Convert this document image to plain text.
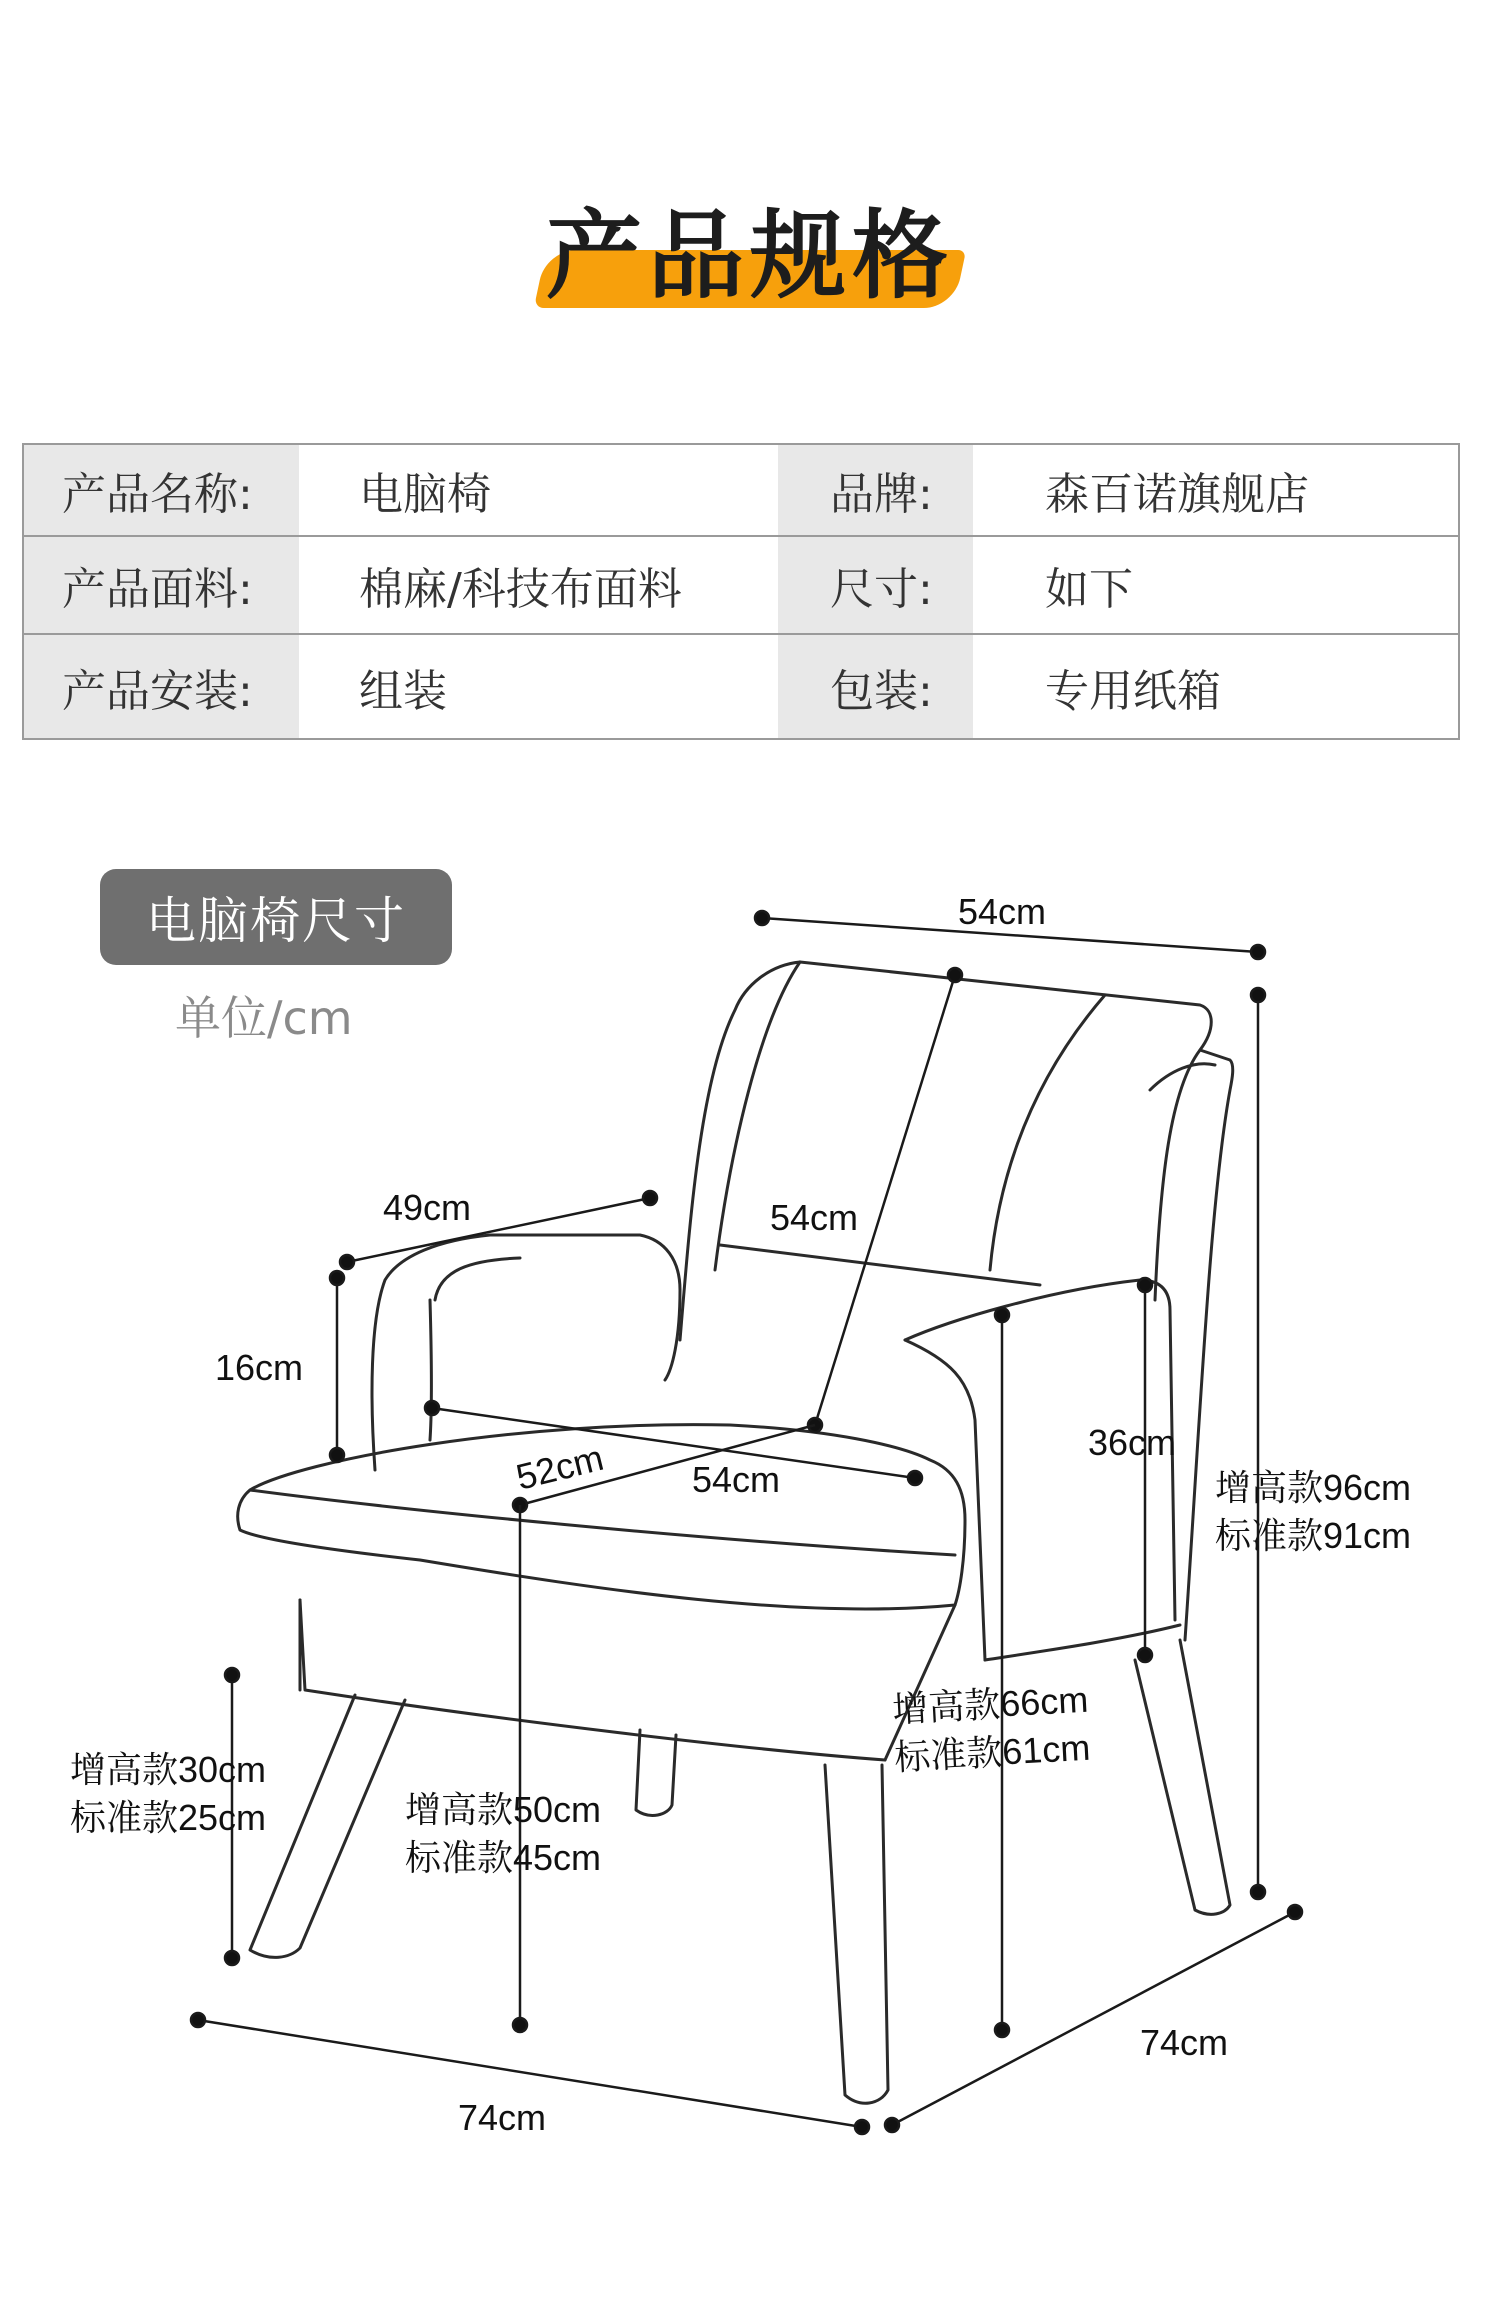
产品规格
产品名称:	电脑椅	品牌:	森百诺旗舰店
产品面料:	棉麻/科技布面料	尺寸:	如下
产品安装:	组装	包装:	专用纸箱
电脑椅尺寸
单位/cm
54cm
49cm	54cm
16cm
52cm 54cm
36cm
增高款96cm
标准款91cm
增高款30cm
标准款25cm	增高款50cm
标准款45cm
增高款66cm
标准款61cm
74cm
74cm
